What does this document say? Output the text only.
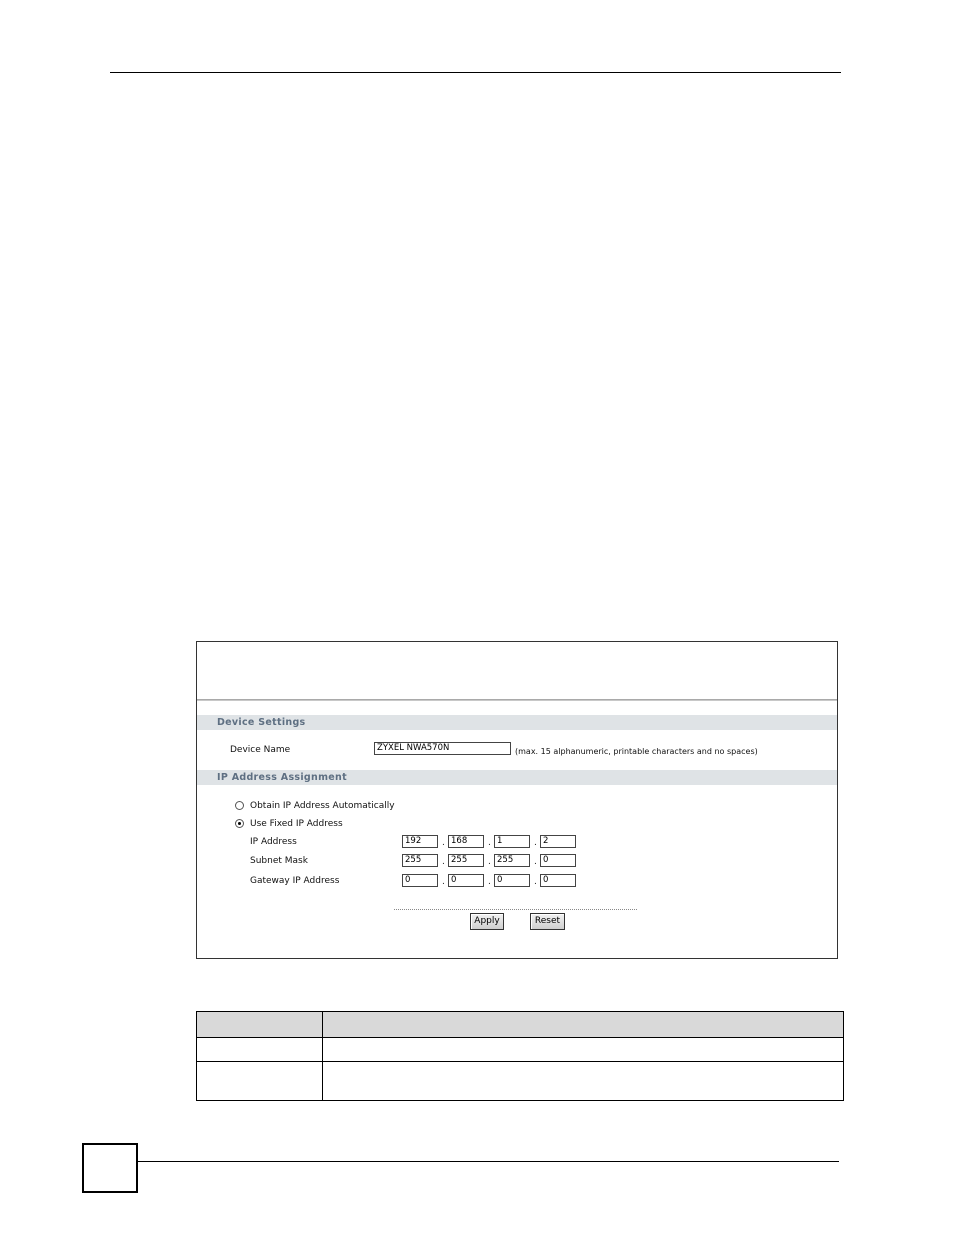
Device Settings
Device Name	ZYXEL NWA570N	(max. 15 alphanumeric, printable characters and no spaces)
IP Address Assignment
Obtain IP Address Automatically
Use Fixed IP Address
IP Address	192	. 168	. 1	. 2
Subnet Mask	255	. 255	. 255	. 0
Gateway IP Address	0	. 0	. 0	. 0
Apply	Reset
